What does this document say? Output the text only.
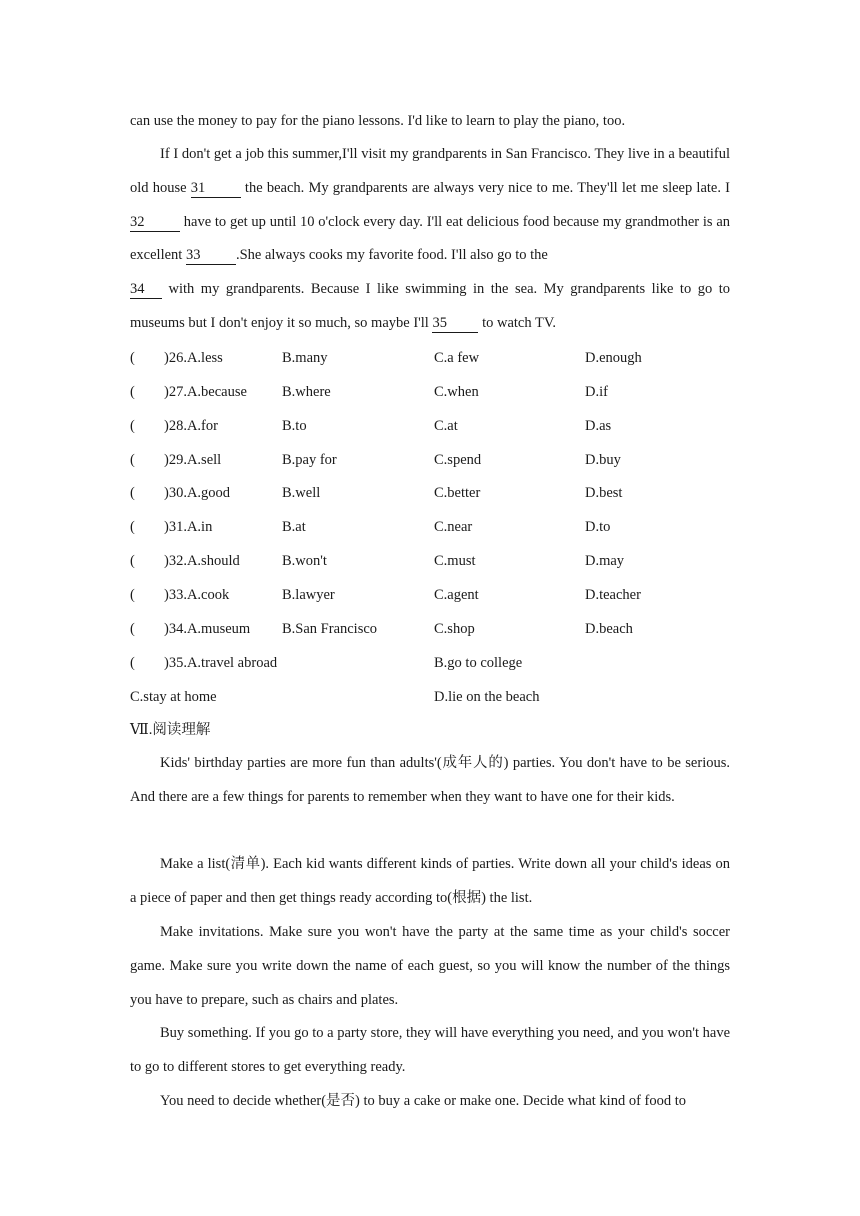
can use the money to pay for the piano lessons. I'd like to learn to play the piano, too.

If I don't get a job this summer,I'll visit my grandparents in San Francisco. They live in a beautiful old house 31 the beach. My grandparents are always very nice to me. They'll let me sleep late. I 32 have to get up until 10 o'clock every day. I'll eat delicious food because my grandmother is an excellent 33 .She always cooks my favorite food. I'll also go to the
34 with my grandparents. Because I like swimming in the sea. My grandparents like to go to museums but I don't enjoy it so much, so maybe I'll 35 to watch TV.

( )26.A.less	B.many	C.a few	D.enough
( )27.A.because B.where	C.when	D.if
( )28.A.for	B.to	C.at	D.as
( )29.A.sell	B.pay for	C.spend	D.buy
( )30.A.good	B.well	C.better	D.best
( )31.A.in	B.at	C.near	D.to
( )32.A.should	B.won't	C.must	D.may
( )33.A.cook	B.lawyer	C.agent	D.teacher
( )34.A.museum B.San Francisco	C.shop	D.beach
( )35.A.travel abroad	B.go to college
C.stay at home	D.lie on the beach
Ⅶ.阅读理解

Kids' birthday parties are more fun than adults'(成年人的) parties. You don't have to be serious. And there are a few things for parents to remember when they want to have one for their kids.

Make a list(清单). Each kid wants different kinds of parties. Write down all your child's ideas on a piece of paper and then get things ready according to(根据) the list.

Make invitations. Make sure you won't have the party at the same time as your child's soccer game. Make sure you write down the name of each guest, so you will know the number of the things you have to prepare, such as chairs and plates.

Buy something. If you go to a party store, they will have everything you need, and you won't have to go to different stores to get everything ready.

You need to decide whether(是否) to buy a cake or make one. Decide what kind of food to
